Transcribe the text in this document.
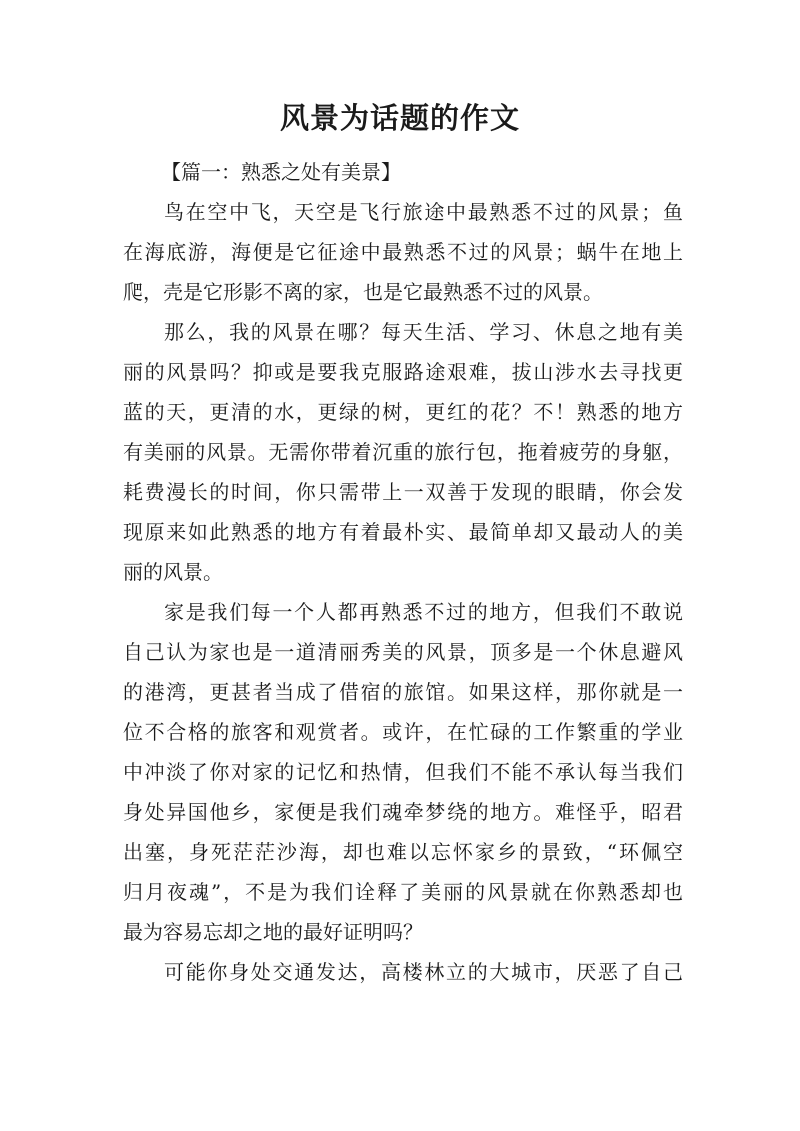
风景为话题的作文

【篇一：熟悉之处有美景】

鸟在空中飞，天空是飞行旅途中最熟悉不过的风景；鱼
在海底游，海便是它征途中最熟悉不过的风景；蜗牛在地上
爬，壳是它形影不离的家，也是它最熟悉不过的风景。

那么，我的风景在哪？每天生活、学习、休息之地有美
丽的风景吗？抑或是要我克服路途艰难，拔山涉水去寻找更
蓝的天，更清的水，更绿的树，更红的花？不！熟悉的地方
有美丽的风景。无需你带着沉重的旅行包，拖着疲劳的身躯，
耗费漫长的时间，你只需带上一双善于发现的眼睛，你会发
现原来如此熟悉的地方有着最朴实、最简单却又最动人的美
丽的风景。

家是我们每一个人都再熟悉不过的地方，但我们不敢说
自己认为家也是一道清丽秀美的风景，顶多是一个休息避风
的港湾，更甚者当成了借宿的旅馆。如果这样，那你就是一
位不合格的旅客和观赏者。或许，在忙碌的工作繁重的学业
中冲淡了你对家的记忆和热情，但我们不能不承认每当我们
身处异国他乡，家便是我们魂牵梦绕的地方。难怪乎，昭君
出塞，身死茫茫沙海，却也难以忘怀家乡的景致，“环佩空
归月夜魂”，不是为我们诠释了美丽的风景就在你熟悉却也
最为容易忘却之地的最好证明吗？

可能你身处交通发达，高楼林立的大城市，厌恶了自己
